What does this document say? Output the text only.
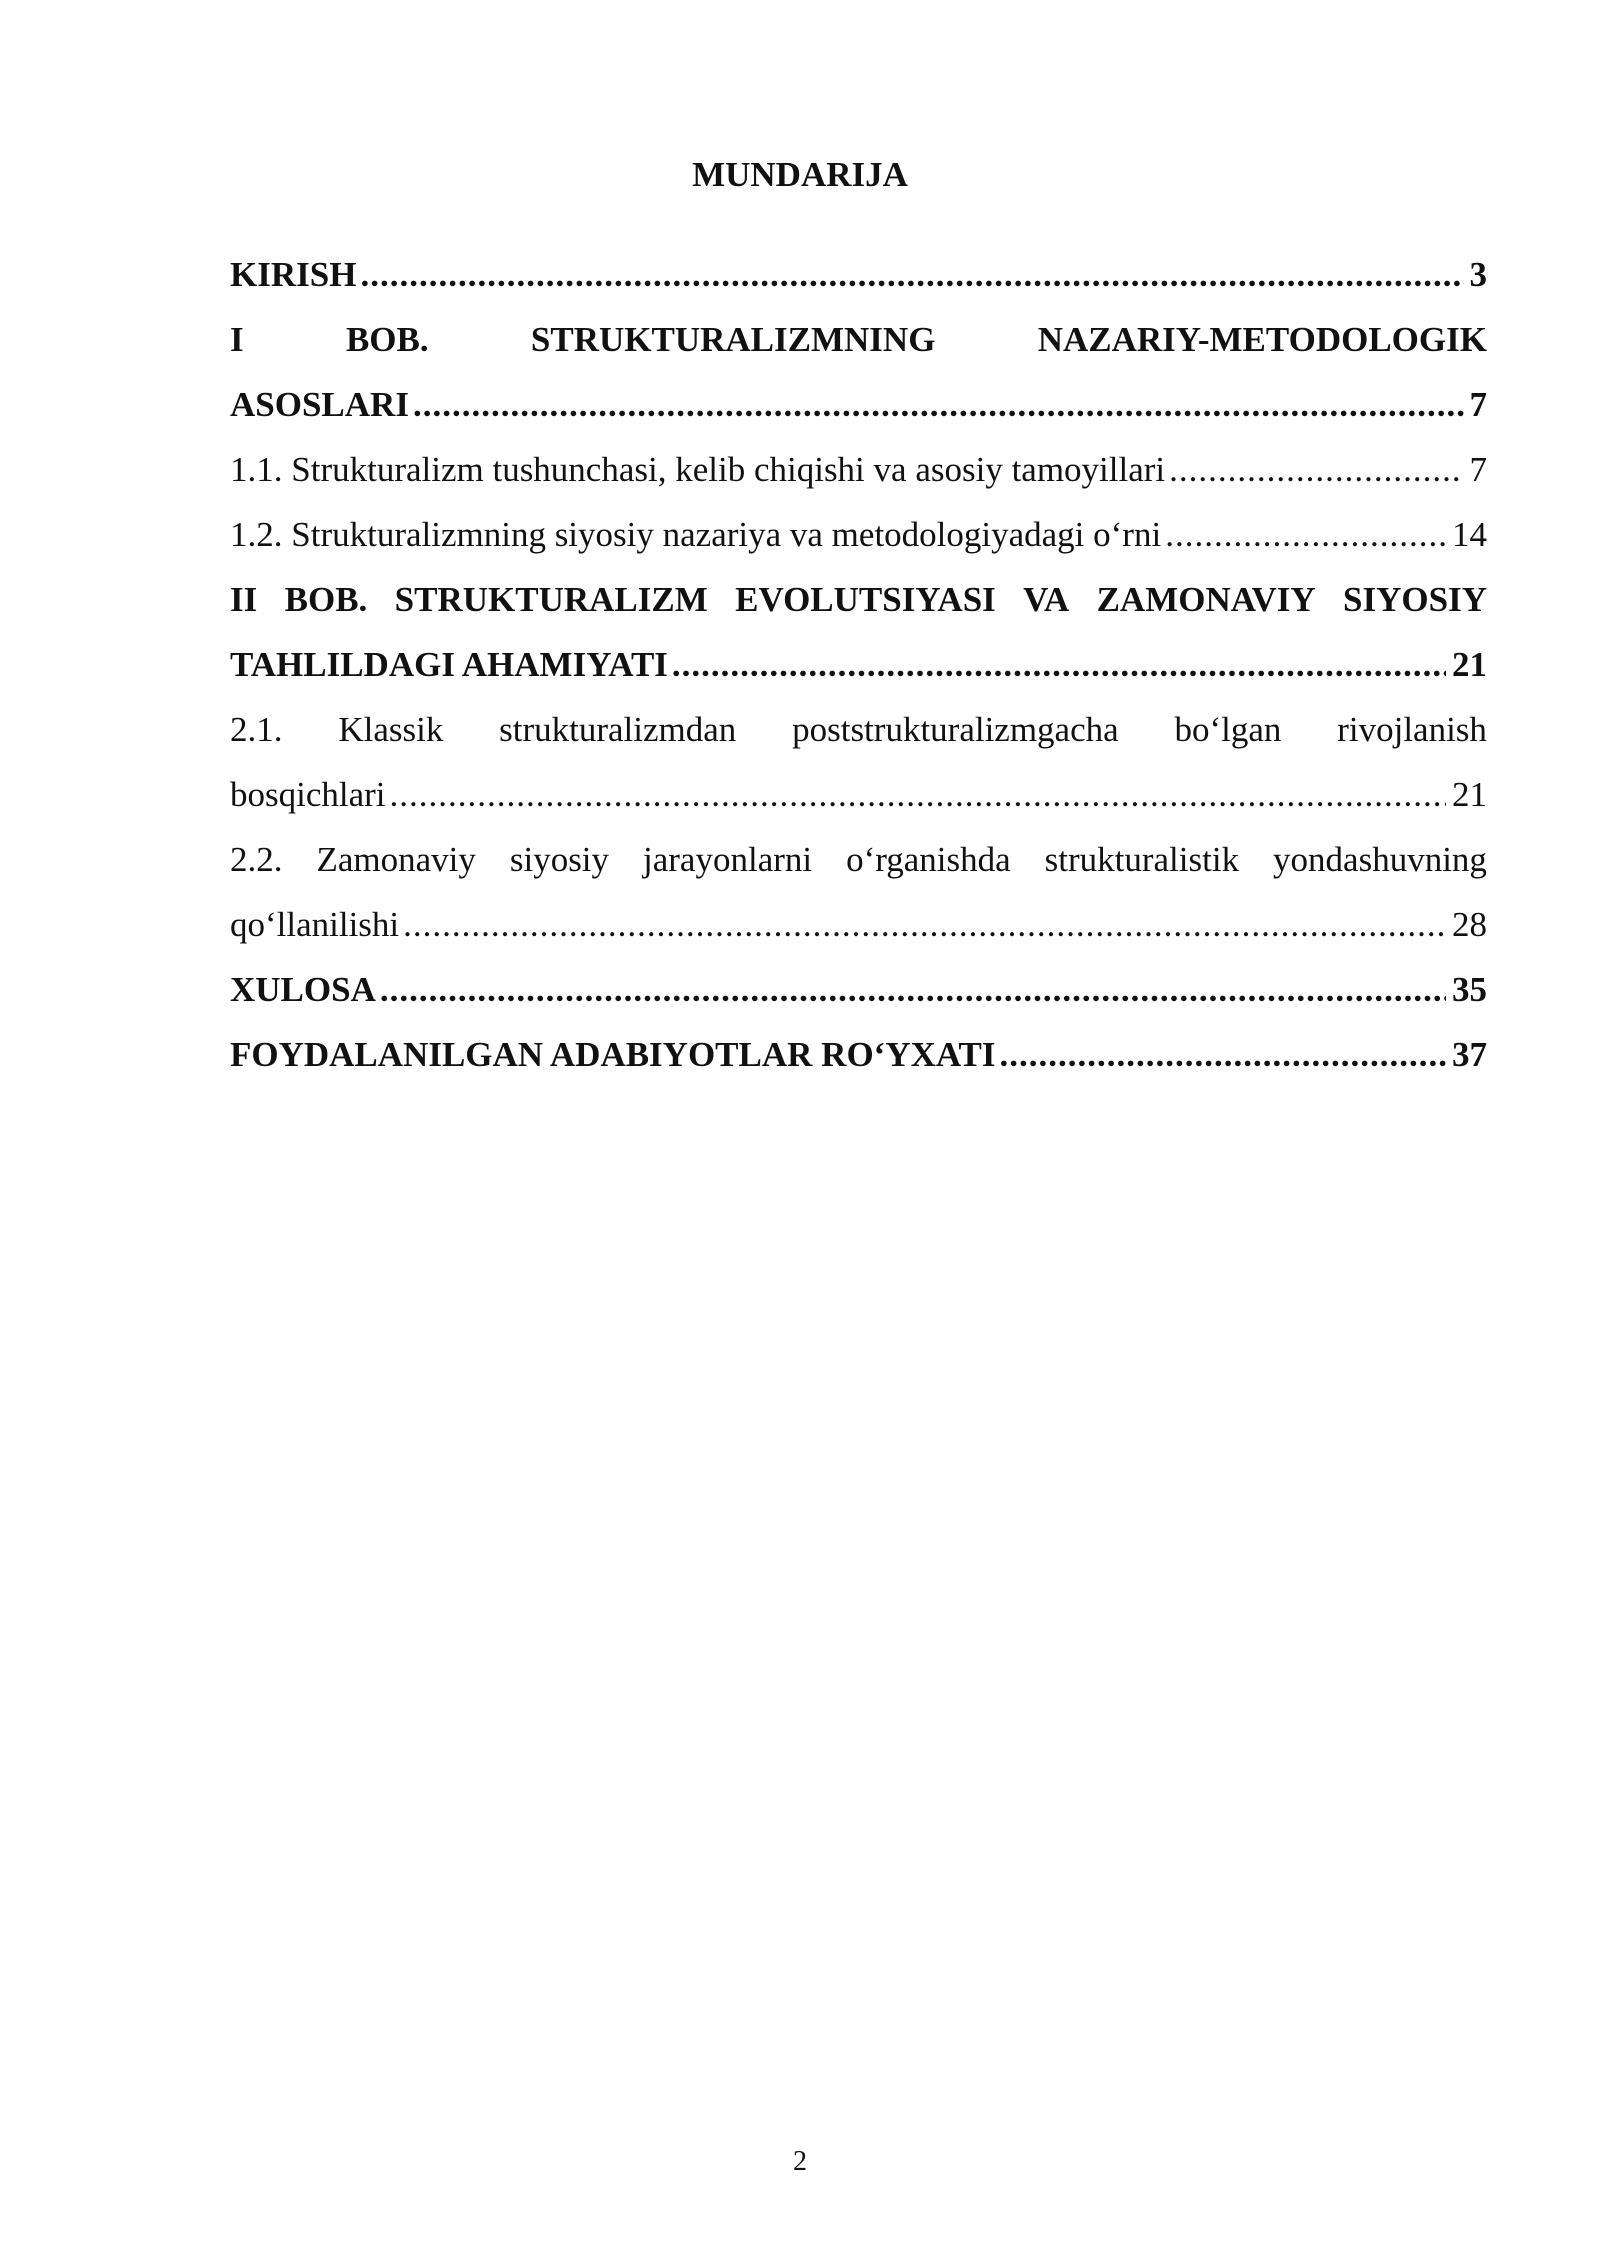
MUNDARIJA
KIRISH .....	3
I	BOB.	STRUKTURALIZMNING	NAZARIY-METODOLOGIK
ASOSLARI .....	7
1.1. Strukturalizm tushunchasi, kelib chiqishi va asosiy tamoyillari .....	7
1.2. Strukturalizmning siyosiy nazariya va metodologiyadagi o‘rni .....	14
II BOB. STRUKTURALIZM EVOLUTSIYASI VA ZAMONAVIY SIYOSIY
TAHLILDAGI AHAMIYATI .....	21
2.1. Klassik strukturalizmdan poststrukturalizmgacha bo‘lgan rivojlanish
bosqichlari .....	21
2.2. Zamonaviy siyosiy jarayonlarni o‘rganishda strukturalistik yondashuvning
qo‘llanilishi .....	28
XULOSA .....	35
FOYDALANILGAN ADABIYOTLAR RO‘YXATI .....	37
2
